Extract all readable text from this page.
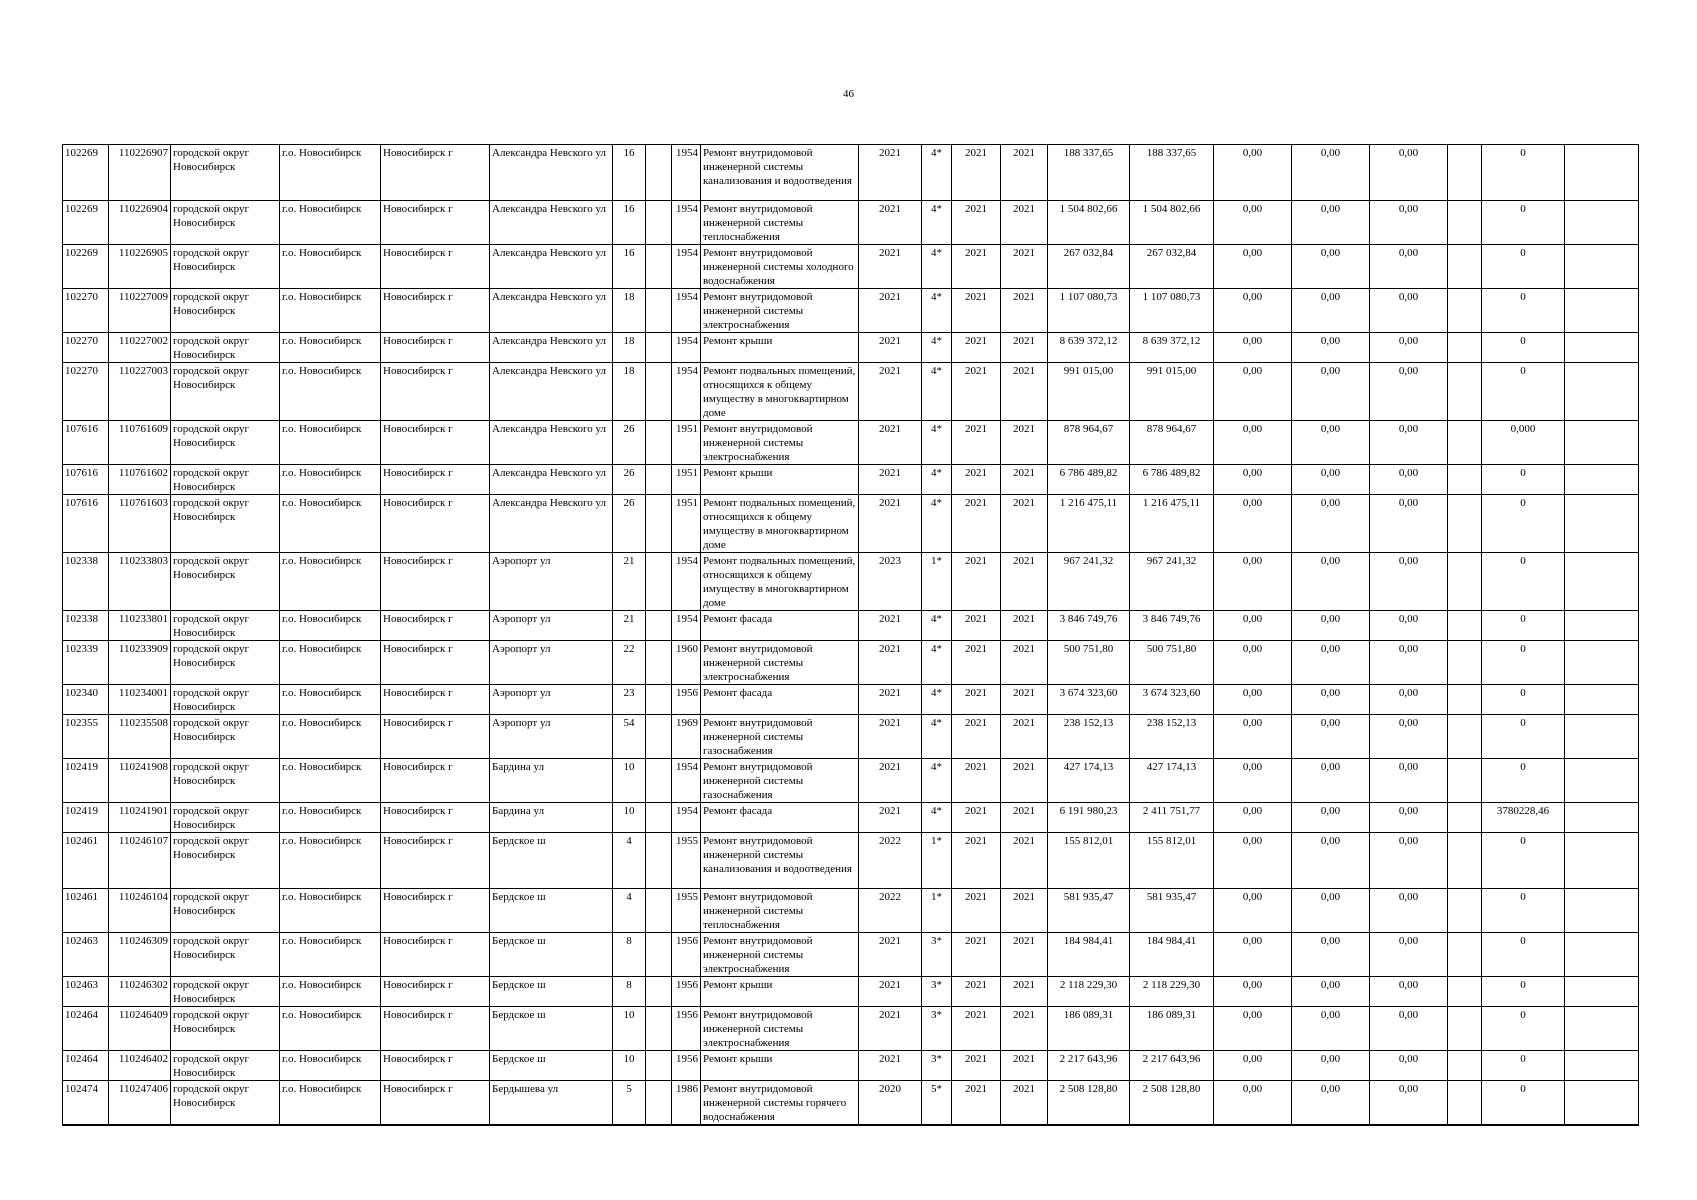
46
102269	110226907	городской округ Новосибирск	г.о. Новосибирск	Новосибирск г	Александра Невского ул	16		1954	Ремонт внутридомовой инженерной системы канализования и водоотведения	2021	4*	2021	2021	188 337,65	188 337,65	0,00	0,00	0,00		0	
102269	110226904	городской округ Новосибирск	г.о. Новосибирск	Новосибирск г	Александра Невского ул	16		1954	Ремонт внутридомовой инженерной системы теплоснабжения	2021	4*	2021	2021	1 504 802,66	1 504 802,66	0,00	0,00	0,00		0	
102269	110226905	городской округ Новосибирск	г.о. Новосибирск	Новосибирск г	Александра Невского ул	16		1954	Ремонт внутридомовой инженерной системы холодного водоснабжения	2021	4*	2021	2021	267 032,84	267 032,84	0,00	0,00	0,00		0	
102270	110227009	городской округ Новосибирск	г.о. Новосибирск	Новосибирск г	Александра Невского ул	18		1954	Ремонт внутридомовой инженерной системы электроснабжения	2021	4*	2021	2021	1 107 080,73	1 107 080,73	0,00	0,00	0,00		0	
102270	110227002	городской округ Новосибирск	г.о. Новосибирск	Новосибирск г	Александра Невского ул	18		1954	Ремонт крыши	2021	4*	2021	2021	8 639 372,12	8 639 372,12	0,00	0,00	0,00		0	
102270	110227003	городской округ Новосибирск	г.о. Новосибирск	Новосибирск г	Александра Невского ул	18		1954	Ремонт подвальных помещений, относящихся к общему имуществу в многоквартирном доме	2021	4*	2021	2021	991 015,00	991 015,00	0,00	0,00	0,00		0	
107616	110761609	городской округ Новосибирск	г.о. Новосибирск	Новосибирск г	Александра Невского ул	26		1951	Ремонт внутридомовой инженерной системы электроснабжения	2021	4*	2021	2021	878 964,67	878 964,67	0,00	0,00	0,00		0,000	
107616	110761602	городской округ Новосибирск	г.о. Новосибирск	Новосибирск г	Александра Невского ул	26		1951	Ремонт крыши	2021	4*	2021	2021	6 786 489,82	6 786 489,82	0,00	0,00	0,00		0	
107616	110761603	городской округ Новосибирск	г.о. Новосибирск	Новосибирск г	Александра Невского ул	26		1951	Ремонт подвальных помещений, относящихся к общему имуществу в многоквартирном доме	2021	4*	2021	2021	1 216 475,11	1 216 475,11	0,00	0,00	0,00		0	
102338	110233803	городской округ Новосибирск	г.о. Новосибирск	Новосибирск г	Аэропорт ул	21		1954	Ремонт подвальных помещений, относящихся к общему имуществу в многоквартирном доме	2023	1*	2021	2021	967 241,32	967 241,32	0,00	0,00	0,00		0	
102338	110233801	городской округ Новосибирск	г.о. Новосибирск	Новосибирск г	Аэропорт ул	21		1954	Ремонт фасада	2021	4*	2021	2021	3 846 749,76	3 846 749,76	0,00	0,00	0,00		0	
102339	110233909	городской округ Новосибирск	г.о. Новосибирск	Новосибирск г	Аэропорт ул	22		1960	Ремонт внутридомовой инженерной системы электроснабжения	2021	4*	2021	2021	500 751,80	500 751,80	0,00	0,00	0,00		0	
102340	110234001	городской округ Новосибирск	г.о. Новосибирск	Новосибирск г	Аэропорт ул	23		1956	Ремонт фасада	2021	4*	2021	2021	3 674 323,60	3 674 323,60	0,00	0,00	0,00		0	
102355	110235508	городской округ Новосибирск	г.о. Новосибирск	Новосибирск г	Аэропорт ул	54		1969	Ремонт внутридомовой инженерной системы газоснабжения	2021	4*	2021	2021	238 152,13	238 152,13	0,00	0,00	0,00		0	
102419	110241908	городской округ Новосибирск	г.о. Новосибирск	Новосибирск г	Бардина ул	10		1954	Ремонт внутридомовой инженерной системы газоснабжения	2021	4*	2021	2021	427 174,13	427 174,13	0,00	0,00	0,00		0	
102419	110241901	городской округ Новосибирск	г.о. Новосибирск	Новосибирск г	Бардина ул	10		1954	Ремонт фасада	2021	4*	2021	2021	6 191 980,23	2 411 751,77	0,00	0,00	0,00		3780228,46	
102461	110246107	городской округ Новосибирск	г.о. Новосибирск	Новосибирск г	Бердское ш	4		1955	Ремонт внутридомовой инженерной системы канализования и водоотведения	2022	1*	2021	2021	155 812,01	155 812,01	0,00	0,00	0,00		0	
102461	110246104	городской округ Новосибирск	г.о. Новосибирск	Новосибирск г	Бердское ш	4		1955	Ремонт внутридомовой инженерной системы теплоснабжения	2022	1*	2021	2021	581 935,47	581 935,47	0,00	0,00	0,00		0	
102463	110246309	городской округ Новосибирск	г.о. Новосибирск	Новосибирск г	Бердское ш	8		1956	Ремонт внутридомовой инженерной системы электроснабжения	2021	3*	2021	2021	184 984,41	184 984,41	0,00	0,00	0,00		0	
102463	110246302	городской округ Новосибирск	г.о. Новосибирск	Новосибирск г	Бердское ш	8		1956	Ремонт крыши	2021	3*	2021	2021	2 118 229,30	2 118 229,30	0,00	0,00	0,00		0	
102464	110246409	городской округ Новосибирск	г.о. Новосибирск	Новосибирск г	Бердское ш	10		1956	Ремонт внутридомовой инженерной системы электроснабжения	2021	3*	2021	2021	186 089,31	186 089,31	0,00	0,00	0,00		0	
102464	110246402	городской округ Новосибирск	г.о. Новосибирск	Новосибирск г	Бердское ш	10		1956	Ремонт крыши	2021	3*	2021	2021	2 217 643,96	2 217 643,96	0,00	0,00	0,00		0	
102474	110247406	городской округ Новосибирск	г.о. Новосибирск	Новосибирск г	Бердышева ул	5		1986	Ремонт внутридомовой инженерной системы горячего водоснабжения	2020	5*	2021	2021	2 508 128,80	2 508 128,80	0,00	0,00	0,00		0	
